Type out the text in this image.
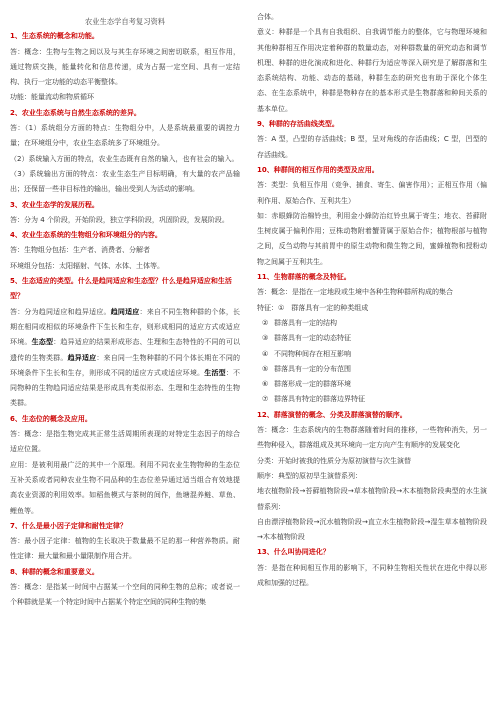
农业生态学自考复习资料
1、生态系统的概念和功能。
答：概念：生物与生物之间以及与其生存环境之间密切联系，相互作用，通过物质交换，能量转化和信息传递，成为占据一定空间、具有一定结构、执行一定功能的动态平衡整体。
功能：能量流动和物质循环
2、农业生态系统与自然生态系统的差异。
答：（1）系统组分方面的特点：生物组分中，人是系统最重要的调控力量；在环境组分中，农业生态系统多了环境组分。
（2）系统输入方面的特点，农业生态既有自然的输入，也有社会的输入。
（3）系统输出方面的特点：农业生态生产目标明确，有大量的农产品输出；还保留一些非目标性的输出，输出受到人为活动的影响。
3、农业生态学的发展历程。
答：分为 4 个阶段，开始阶段，独立学科阶段，巩固阶段，发展阶段。
4、农业生态系统的生物组分和环境组分的内容。
答：生物组分包括：生产者、消费者、分解者
环境组分包括：太阳辐射、气体、水体、土体等。
5、生态适应的类型。什么是趋同适应和生态型？什么是趋异适应和生活型？
答：分为趋同适应和趋异适应。趋同适应：来自不同生物种群的个体，长期在相同或相似的环境条件下生长和生存，则形成相同的适应方式或适应环境。生态型：趋异适应的结果形成形态、生理和生态特性的不同的可以遗传的生物类群。趋异适应：来自同一生物种群的不同个体长期在不同的环境条件下生长和生存，则形成不同的适应方式或适应环境。生活型：不同物种的生物趋同适应结果是形成具有类似形态、生理和生态特性的生物类群。
6、生态位的概念及应用。
答：概念：是指生物完成其正常生活周期所表现的对特定生态因子的综合适应位置。
应用：是被利用最广泛的其中一个原理。利用不同农业生物物种的生态位互补关系或者同种农业生物不同品种的生态位差异通过适当组合有效地提高农业资源的利用效率。如稻鱼模式与茶树的间作，鱼塘混养鲢、草鱼、鲤鱼等。
7、什么是最小因子定律和耐性定律？
答：最小因子定律：植物的生长取决于数量最不足的那一种营养物质。耐性定律：最大量和最小量限制作用合并。
8、种群的概念和重要意义。
答：概念：是指某一时间中占据某一个空间的同种生物的总称；或者说一个种群就是某一个特定时间中占据某个特定空间的同种生物的集
合体。
意义：种群是一个具有自我组织、自我调节能力的整体，它与物理环境和其他种群相互作用决定着种群的数量动态，对种群数量的研究动态和调节机理、种群的进化演成和进化、种群行为适应等深入研究是了解群落和生态系统结构、功能、动态的基础，种群生态的研究也有助于深化个体生态、在生态系统中，种群是物种存在的基本形式是生物群落和种间关系的基本单位。
9、种群的存活曲线类型。
答：A 型，凸型的存活曲线；B 型，呈对角线的存活曲线；C 型，凹型的存活曲线。
10、种群间的相互作用的类型及应用。
答：类型：负相互作用（竞争、捕食、寄生、偏害作用）；正相互作用（偏利作用、原始合作、互利共生）
如：赤眼蜂防治棉铃虫，利用金小蜂防治红铃虫属于寄生；地衣、苔藓附生树皮属于偏利作用；豆株动物附着蟹背属于原始合作；植物根部与植物之间，反刍动物与其前胃中的原生动物和微生物之间，蜜蜂植物和授粉动物之间属于互利共生。
11、生物群落的概念及特征。
答：概念：是指在一定地段或生境中各种生物种群所构成的集合
特征：①　群落具有一定的种类组成
② 群落具有一定的结构
③ 群落具有一定的动态特征
④ 不同物种间存在相互影响
⑤ 群落具有一定的分布范围
⑥ 群落形成一定的群落环境
⑦ 群落具有特定的群落边界特征
12、群落演替的概念、分类及群落演替的顺序。
答：概念：生态系统内的生物群落随着时间的推移，一些物种消失，另一些物种侵入，群落组成及其环境向一定方向产生有顺序的发展变化
分类：开始时被我的性质分为原初演替与次生演替
顺序：典型的原初旱生演替系列：
地衣植物阶段→苔藓植物阶段→草本植物阶段→木本植物阶段典型的水生演替系列：
自由漂浮植物阶段→沉水植物阶段→直立水生植物阶段→湿生草本植物阶段→木本植物阶段
13、什么叫协同进化？
答：是指在种间相互作用的影响下，不同种生物相关性状在进化中得以形成和加强的过程。
